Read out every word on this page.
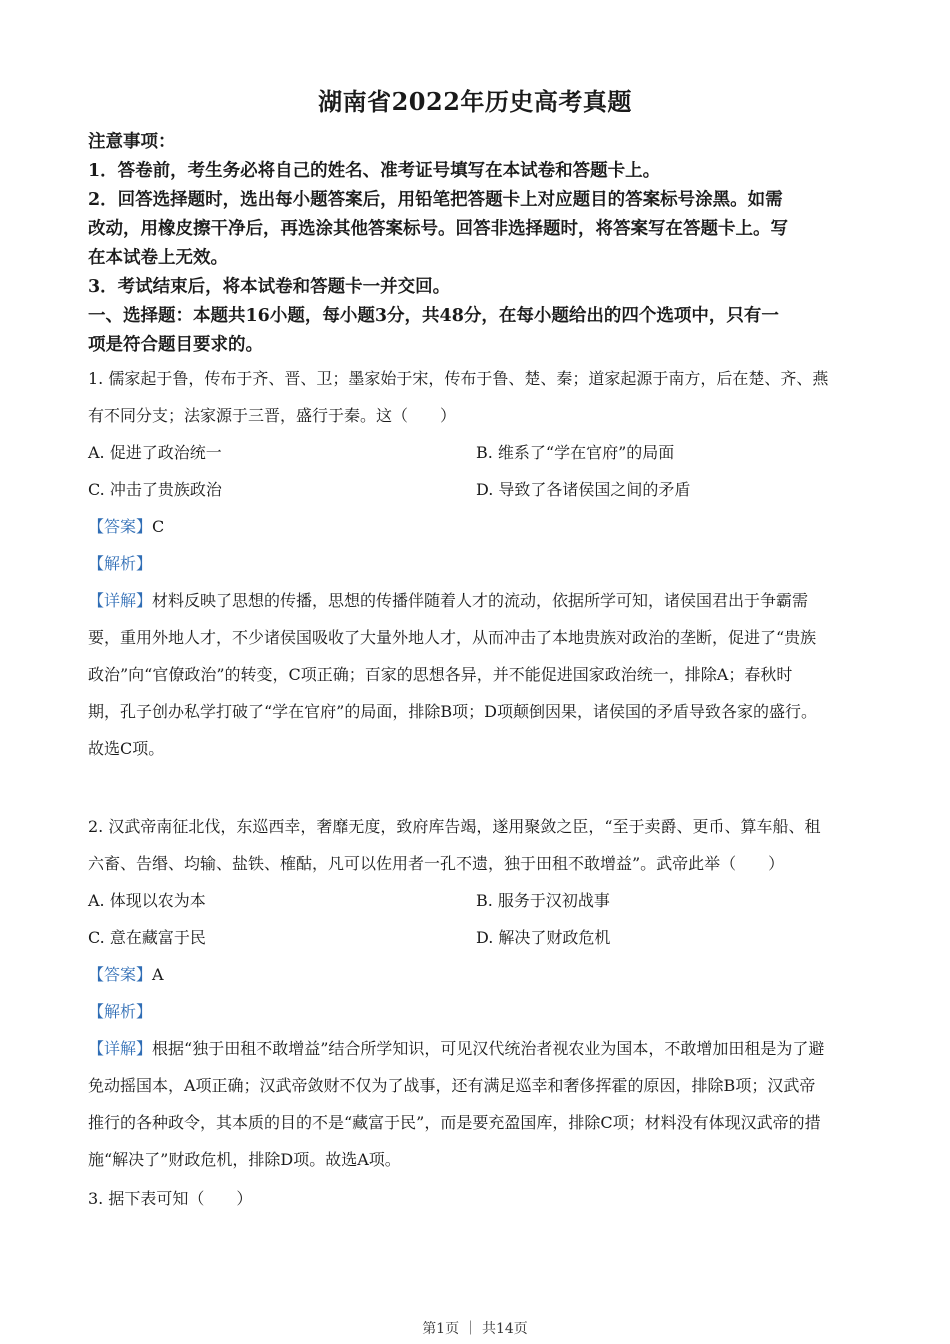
湖南省2022年历史高考真题

注意事项：

1．答卷前，考生务必将自己的姓名、准考证号填写在本试卷和答题卡上。

2．回答选择题时，选出每小题答案后，用铅笔把答题卡上对应题目的答案标号涂黑。如需

改动，用橡皮擦干净后，再选涂其他答案标号。回答非选择题时，将答案写在答题卡上。写

在本试卷上无效。

3．考试结束后，将本试卷和答题卡一并交回。

一、选择题：本题共16小题，每小题3分，共48分，在每小题给出的四个选项中，只有一

项是符合题目要求的。

1. 儒家起于鲁，传布于齐、晋、卫；墨家始于宋，传布于鲁、楚、秦；道家起源于南方，后在楚、齐、燕

有不同分支；法家源于三晋，盛行于秦。这（　　）

A. 促进了政治统一	B. 维系了“学在官府”的局面
C. 冲击了贵族政治	D. 导致了各诸侯国之间的矛盾

【答案】C

【解析】

【详解】材料反映了思想的传播，思想的传播伴随着人才的流动，依据所学可知，诸侯国君出于争霸需

要，重用外地人才，不少诸侯国吸收了大量外地人才，从而冲击了本地贵族对政治的垄断，促进了“贵族

政治”向“官僚政治”的转变，C项正确；百家的思想各异，并不能促进国家政治统一，排除A；春秋时

期，孔子创办私学打破了“学在官府”的局面，排除B项；D项颠倒因果，诸侯国的矛盾导致各家的盛行。

故选C项。

2. 汉武帝南征北伐，东巡西幸，奢靡无度，致府库告竭，遂用聚敛之臣，“至于卖爵、更币、算车船、租

六畜、告缗、均输、盐铁、榷酤，凡可以佐用者一孔不遗，独于田租不敢增益”。武帝此举（　　）

A. 体现以农为本	B. 服务于汉初战事
C. 意在藏富于民	D. 解决了财政危机

【答案】A

【解析】

【详解】根据“独于田租不敢增益”结合所学知识，可见汉代统治者视农业为国本，不敢增加田租是为了避

免动摇国本，A项正确；汉武帝敛财不仅为了战事，还有满足巡幸和奢侈挥霍的原因，排除B项；汉武帝

推行的各种政令，其本质的目的不是“藏富于民”，而是要充盈国库，排除C项；材料没有体现汉武帝的措

施“解决了”财政危机，排除D项。故选A项。

3. 据下表可知（　　）

第1页 ｜ 共14页
